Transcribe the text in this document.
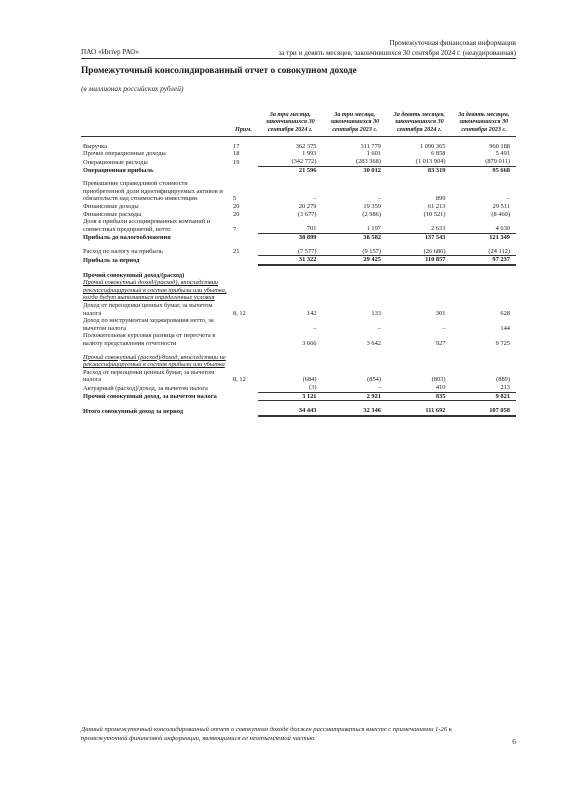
Промежуточная финансовая информация
за три и девять месяцев, закончившихся 30 сентября 2024 г. (неаудированная)
ПАО «Интер РАО»
Промежуточный консолидированный отчет о совокупном доходе
(в миллионах российских рублей)
	Прим.	За три месяца, закончившихся 30 сентября 2024 г.	За три месяца, закончившихся 30 сентября 2023 г.	За девять месяцев, закончившихся 30 сентября 2024 г.	За девять месяцев, закончившихся 30 сентября 2023 г.

Выручка	17	362 375	311 779	1 090 365	960 188
Прочие операционные доходы	18	1 993	1 601	6 858	5 491
Операционные расходы	19	(342 772)	(283 368)	(1 013 904)	(879 011)
Операционная прибыль		21 596	30 012	83 319	95 668

Превышение справедливой стоимости приобретенной доли идентифицируемых активов и обязательств над стоимостью инвестиции	5	–	–	899	–
Финансовые доходы	20	20 279	19 359	61 213	29 511
Финансовые расходы	20	(3 677)	(2 986)	(10 521)	(8 460)
Доля в прибыли ассоциированных компаний и совместных предприятий, нетто	7	701	1 197	2 633	4 630
Прибыль до налогообложения		38 899	38 582	137 543	121 349

Расход по налогу на прибыль	21	(7 577)	(9 157)	(26 686)	(24 112)
Прибыль за период		31 322	29 425	110 857	97 237

Прочий совокупный доход/(расход)					
Прочий совокупный доход/(расход), впоследствии реклассифицируемый в состав прибыли или убытка, когда будут выполняться определенные условия					
Доход от переоценки ценных бумаг, за вычетом налога	8, 12	142	133	301	628
Доход по инструментам хеджирования нетто, за вычетом налога		–	–	–	144
Положительная курсовая разница от пересчета в валюту представления отчетности		3 666	3 642	927	9 725

Прочий совокупный (расход)/доход, впоследствии не реклассифицируемый в состав прибыли или убытка					
Расход от переоценки ценных бумаг, за вычетом налога	8, 12	(684)	(854)	(803)	(889)
Актуарный (расход)/доход, за вычетом налога		(3)	–	410	213
Прочий совокупный доход, за вычетом налога		3 121	2 921	835	9 821

Итого совокупный доход за период		34 443	32 346	111 692	107 058
Данный промежуточный консолидированный отчет о совокупном доходе должен рассматриваться вместе с примечаниями 1-26 к промежуточной финансовой информации, являющимися ее неотъемлемой частью.	6
